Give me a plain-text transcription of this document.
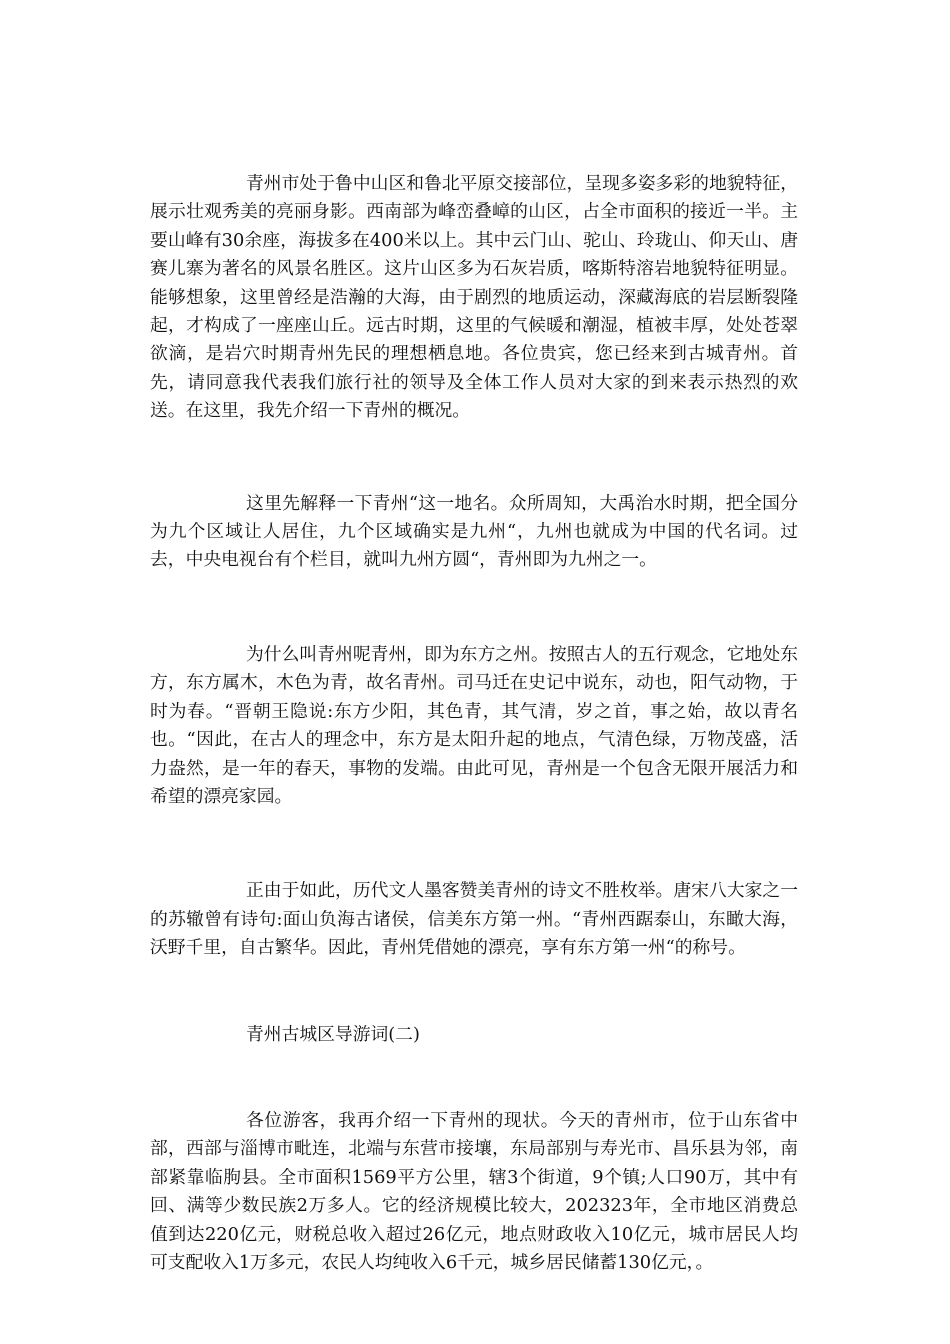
青州市处于鲁中山区和鲁北平原交接部位，呈现多姿多彩的地貌特征，展示壮观秀美的亮丽身影。西南部为峰峦叠嶂的山区，占全市面积的接近一半。主要山峰有30余座，海拔多在400米以上。其中云门山、驼山、玲珑山、仰天山、唐赛儿寨为著名的风景名胜区。这片山区多为石灰岩质，喀斯特溶岩地貌特征明显。能够想象，这里曾经是浩瀚的大海，由于剧烈的地质运动，深藏海底的岩层断裂隆起，才构成了一座座山丘。远古时期，这里的气候暖和潮湿，植被丰厚，处处苍翠欲滴，是岩穴时期青州先民的理想栖息地。各位贵宾，您已经来到古城青州。首先，请同意我代表我们旅行社的领导及全体工作人员对大家的到来表示热烈的欢送。在这里，我先介绍一下青州的概况。

这里先解释一下青州“这一地名。众所周知，大禹治水时期，把全国分为九个区域让人居住，九个区域确实是九州“，九州也就成为中国的代名词。过去，中央电视台有个栏目，就叫九州方圆“，青州即为九州之一。

为什么叫青州呢青州，即为东方之州。按照古人的五行观念，它地处东方，东方属木，木色为青，故名青州。司马迁在史记中说东，动也，阳气动物，于时为春。“晋朝王隐说:东方少阳，其色青，其气清，岁之首，事之始，故以青名也。“因此，在古人的理念中，东方是太阳升起的地点，气清色绿，万物茂盛，活力盎然，是一年的春天，事物的发端。由此可见，青州是一个包含无限开展活力和希望的漂亮家园。

正由于如此，历代文人墨客赞美青州的诗文不胜枚举。唐宋八大家之一的苏辙曾有诗句:面山负海古诸侯，信美东方第一州。“青州西踞泰山，东瞰大海，沃野千里，自古繁华。因此，青州凭借她的漂亮，享有东方第一州“的称号。

青州古城区导游词(二)

各位游客，我再介绍一下青州的现状。今天的青州市，位于山东省中部，西部与淄博市毗连，北端与东营市接壤，东局部别与寿光市、昌乐县为邻，南部紧靠临朐县。全市面积1569平方公里，辖3个街道，9个镇;人口90万，其中有回、满等少数民族2万多人。它的经济规模比较大，202323年，全市地区消费总值到达220亿元，财税总收入超过26亿元，地点财政收入10亿元，城市居民人均可支配收入1万多元，农民人均纯收入6千元，城乡居民储蓄130亿元，。
